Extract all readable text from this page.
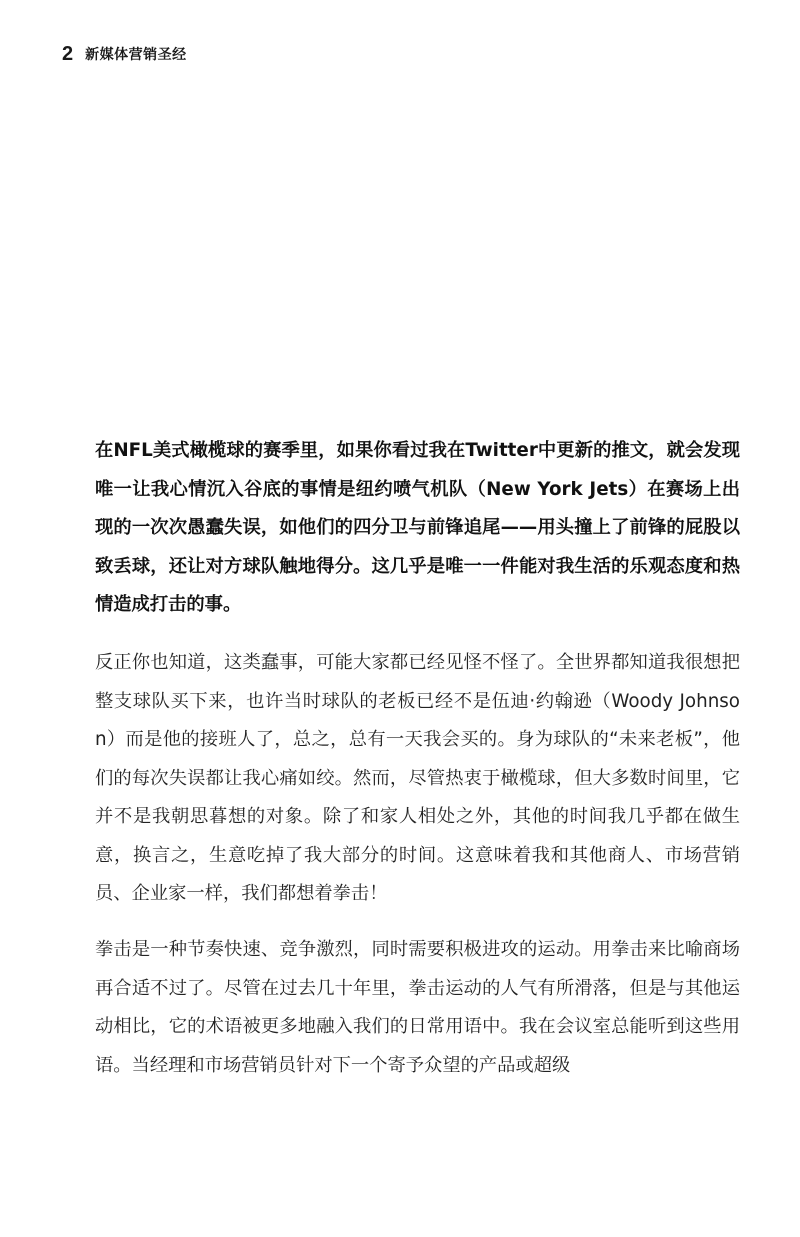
2 新媒体营销圣经
在NFL美式橄榄球的赛季里，如果你看过我在Twitter中更新的推文，就会发现唯一让我心情沉入谷底的事情是纽约喷气机队（New York Jets）在赛场上出现的一次次愚蠢失误，如他们的四分卫与前锋追尾——用头撞上了前锋的屁股以致丢球，还让对方球队触地得分。这几乎是唯一一件能对我生活的乐观态度和热情造成打击的事。
反正你也知道，这类蠢事，可能大家都已经见怪不怪了。全世界都知道我很想把整支球队买下来，也许当时球队的老板已经不是伍迪·约翰逊（Woody Johnson）而是他的接班人了，总之，总有一天我会买的。身为球队的“未来老板”，他们的每次失误都让我心痛如绞。然而，尽管热衷于橄榄球，但大多数时间里，它并不是我朝思暮想的对象。除了和家人相处之外，其他的时间我几乎都在做生意，换言之，生意吃掉了我大部分的时间。这意味着我和其他商人、市场营销员、企业家一样，我们都想着拳击！
拳击是一种节奏快速、竞争激烈，同时需要积极进攻的运动。用拳击来比喻商场再合适不过了。尽管在过去几十年里，拳击运动的人气有所滑落，但是与其他运动相比，它的术语被更多地融入我们的日常用语中。我在会议室总能听到这些用语。当经理和市场营销员针对下一个寄予众望的产品或超级
